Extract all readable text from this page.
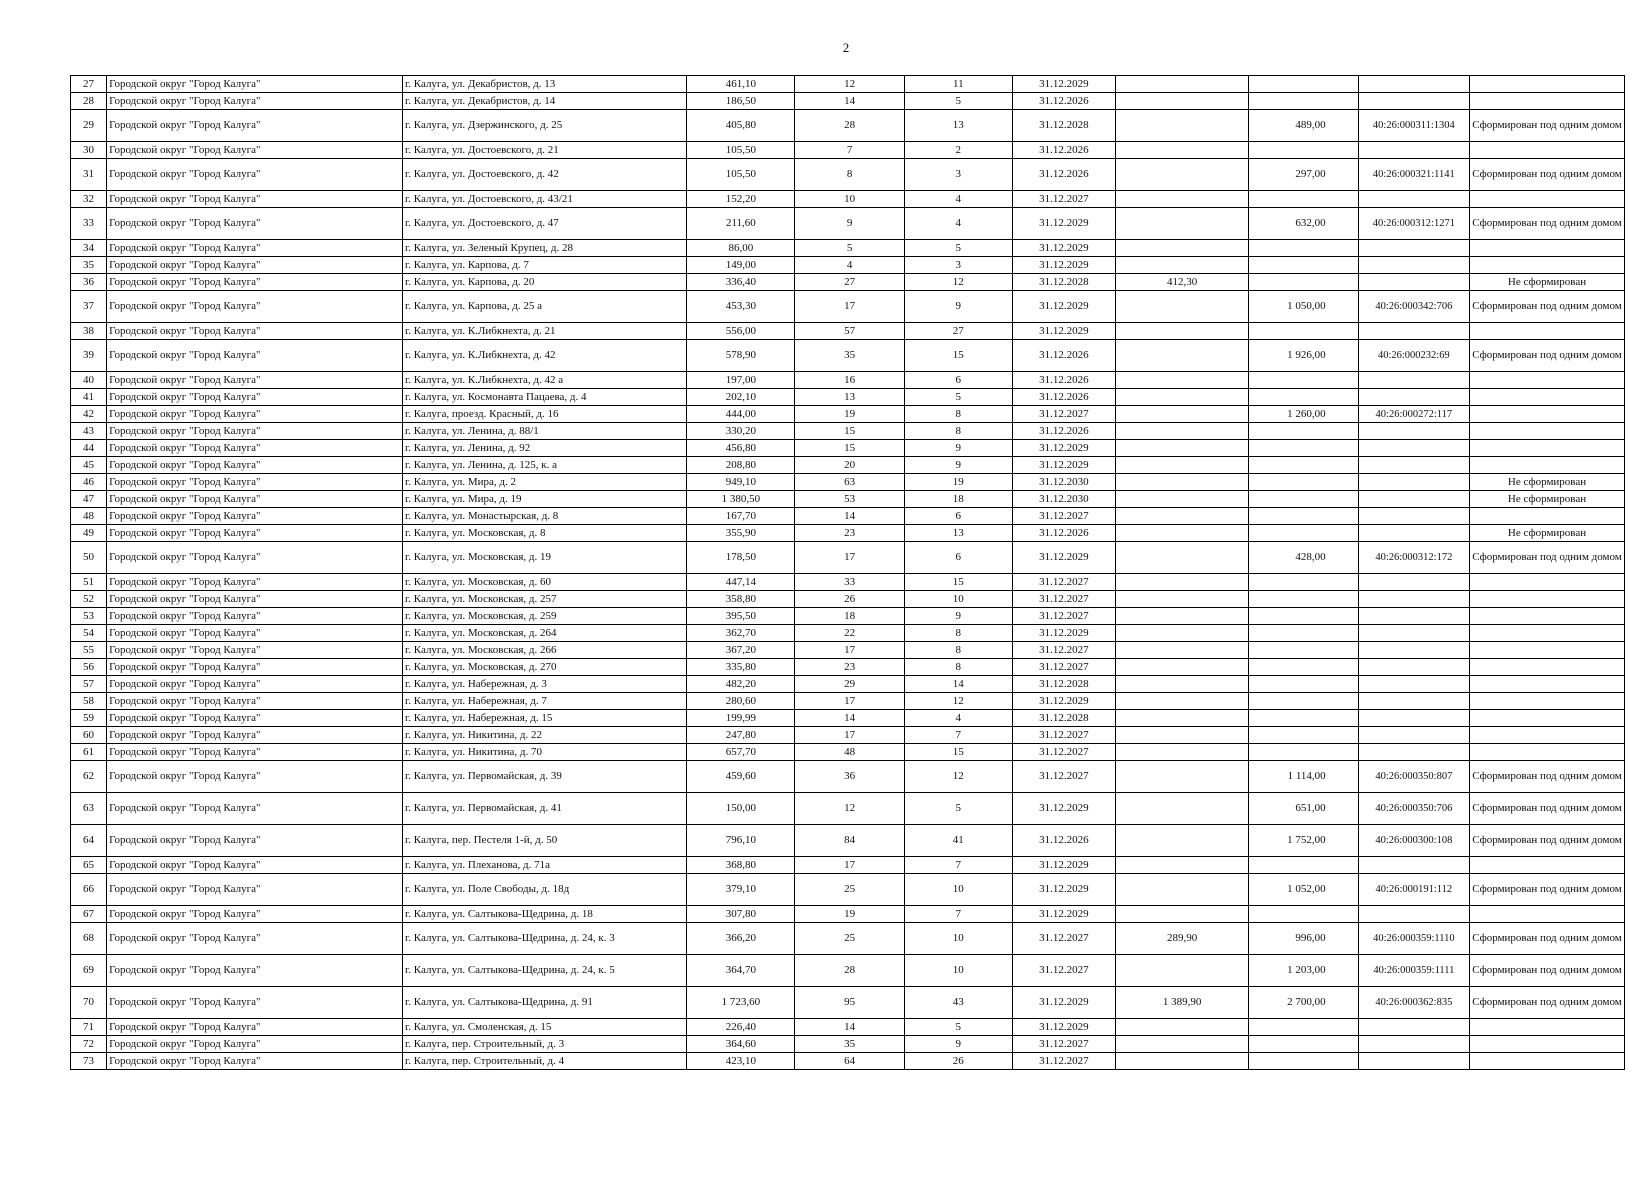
2
27	Городской округ "Город Калуга"	г. Калуга, ул. Декабристов, д. 13	461,10	12	11	31.12.2029				
28	Городской округ "Город Калуга"	г. Калуга, ул. Декабристов, д. 14	186,50	14	5	31.12.2026				
29	Городской округ "Город Калуга"	г. Калуга, ул. Дзержинского, д. 25	405,80	28	13	31.12.2028		489,00	40:26:000311:1304	Сформирован под одним домом
30	Городской округ "Город Калуга"	г. Калуга, ул. Достоевского, д. 21	105,50	7	2	31.12.2026				
31	Городской округ "Город Калуга"	г. Калуга, ул. Достоевского, д. 42	105,50	8	3	31.12.2026		297,00	40:26:000321:1141	Сформирован под одним домом
32	Городской округ "Город Калуга"	г. Калуга, ул. Достоевского, д. 43/21	152,20	10	4	31.12.2027				
33	Городской округ "Город Калуга"	г. Калуга, ул. Достоевского, д. 47	211,60	9	4	31.12.2029		632,00	40:26:000312:1271	Сформирован под одним домом
34	Городской округ "Город Калуга"	г. Калуга, ул. Зеленый Крупец, д. 28	86,00	5	5	31.12.2029				
35	Городской округ "Город Калуга"	г. Калуга, ул. Карпова, д. 7	149,00	4	3	31.12.2029				
36	Городской округ "Город Калуга"	г. Калуга, ул. Карпова, д. 20	336,40	27	12	31.12.2028	412,30			Не сформирован
37	Городской округ "Город Калуга"	г. Калуга, ул. Карпова, д. 25 а	453,30	17	9	31.12.2029		1 050,00	40:26:000342:706	Сформирован под одним домом
38	Городской округ "Город Калуга"	г. Калуга, ул. К.Либкнехта, д. 21	556,00	57	27	31.12.2029				
39	Городской округ "Город Калуга"	г. Калуга, ул. К.Либкнехта, д. 42	578,90	35	15	31.12.2026		1 926,00	40:26:000232:69	Сформирован под одним домом
40	Городской округ "Город Калуга"	г. Калуга, ул. К.Либкнехта, д. 42 а	197,00	16	6	31.12.2026				
41	Городской округ "Город Калуга"	г. Калуга, ул. Космонавта Пацаева, д. 4	202,10	13	5	31.12.2026				
42	Городской округ "Город Калуга"	г. Калуга, проезд. Красный, д. 16	444,00	19	8	31.12.2027		1 260,00	40:26:000272:117	
43	Городской округ "Город Калуга"	г. Калуга, ул. Ленина, д. 88/1	330,20	15	8	31.12.2026				
44	Городской округ "Город Калуга"	г. Калуга, ул. Ленина, д. 92	456,80	15	9	31.12.2029				
45	Городской округ "Город Калуга"	г. Калуга, ул. Ленина, д. 125, к. а	208,80	20	9	31.12.2029				
46	Городской округ "Город Калуга"	г. Калуга, ул. Мира, д. 2	949,10	63	19	31.12.2030				Не сформирован
47	Городской округ "Город Калуга"	г. Калуга, ул. Мира, д. 19	1 380,50	53	18	31.12.2030				Не сформирован
48	Городской округ "Город Калуга"	г. Калуга, ул. Монастырская, д. 8	167,70	14	6	31.12.2027				
49	Городской округ "Город Калуга"	г. Калуга, ул. Московская, д. 8	355,90	23	13	31.12.2026				Не сформирован
50	Городской округ "Город Калуга"	г. Калуга, ул. Московская, д. 19	178,50	17	6	31.12.2029		428,00	40:26:000312:172	Сформирован под одним домом
51	Городской округ "Город Калуга"	г. Калуга, ул. Московская, д. 60	447,14	33	15	31.12.2027				
52	Городской округ "Город Калуга"	г. Калуга, ул. Московская, д. 257	358,80	26	10	31.12.2027				
53	Городской округ "Город Калуга"	г. Калуга, ул. Московская, д. 259	395,50	18	9	31.12.2027				
54	Городской округ "Город Калуга"	г. Калуга, ул. Московская, д. 264	362,70	22	8	31.12.2029				
55	Городской округ "Город Калуга"	г. Калуга, ул. Московская, д. 266	367,20	17	8	31.12.2027				
56	Городской округ "Город Калуга"	г. Калуга, ул. Московская, д. 270	335,80	23	8	31.12.2027				
57	Городской округ "Город Калуга"	г. Калуга, ул. Набережная, д. 3	482,20	29	14	31.12.2028				
58	Городской округ "Город Калуга"	г. Калуга, ул. Набережная, д. 7	280,60	17	12	31.12.2029				
59	Городской округ "Город Калуга"	г. Калуга, ул. Набережная, д. 15	199,99	14	4	31.12.2028				
60	Городской округ "Город Калуга"	г. Калуга, ул. Никитина, д. 22	247,80	17	7	31.12.2027				
61	Городской округ "Город Калуга"	г. Калуга, ул. Никитина, д. 70	657,70	48	15	31.12.2027				
62	Городской округ "Город Калуга"	г. Калуга, ул. Первомайская, д. 39	459,60	36	12	31.12.2027		1 114,00	40:26:000350:807	Сформирован под одним домом
63	Городской округ "Город Калуга"	г. Калуга, ул. Первомайская, д. 41	150,00	12	5	31.12.2029		651,00	40:26:000350:706	Сформирован под одним домом
64	Городской округ "Город Калуга"	г. Калуга, пер. Пестеля 1-й, д. 50	796,10	84	41	31.12.2026		1 752,00	40:26:000300:108	Сформирован под одним домом
65	Городской округ "Город Калуга"	г. Калуга, ул. Плеханова, д. 71а	368,80	17	7	31.12.2029				
66	Городской округ "Город Калуга"	г. Калуга, ул. Поле Свободы, д. 18д	379,10	25	10	31.12.2029		1 052,00	40:26:000191:112	Сформирован под одним домом
67	Городской округ "Город Калуга"	г. Калуга, ул. Салтыкова-Щедрина, д. 18	307,80	19	7	31.12.2029				
68	Городской округ "Город Калуга"	г. Калуга, ул. Салтыкова-Щедрина, д. 24, к. 3	366,20	25	10	31.12.2027	289,90	996,00	40:26:000359:1110	Сформирован под одним домом
69	Городской округ "Город Калуга"	г. Калуга, ул. Салтыкова-Щедрина, д. 24, к. 5	364,70	28	10	31.12.2027		1 203,00	40:26:000359:1111	Сформирован под одним домом
70	Городской округ "Город Калуга"	г. Калуга, ул. Салтыкова-Щедрина, д. 91	1 723,60	95	43	31.12.2029	1 389,90	2 700,00	40:26:000362:835	Сформирован под одним домом
71	Городской округ "Город Калуга"	г. Калуга, ул. Смоленская, д. 15	226,40	14	5	31.12.2029				
72	Городской округ "Город Калуга"	г. Калуга, пер. Строительный, д. 3	364,60	35	9	31.12.2027				
73	Городской округ "Город Калуга"	г. Калуга, пер. Строительный, д. 4	423,10	64	26	31.12.2027				
